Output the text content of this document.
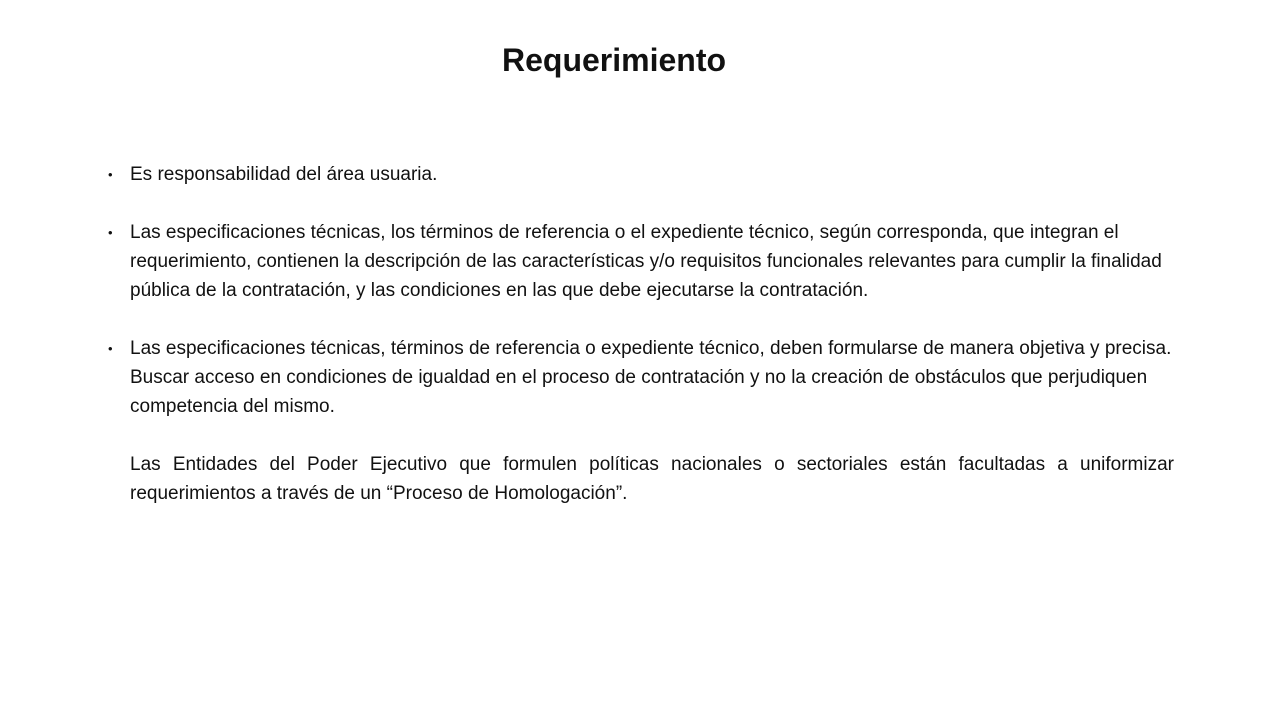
Requerimiento
• Es responsabilidad del área usuaria.
• Las especificaciones técnicas, los términos de referencia o el expediente técnico, según corresponda, que integran el requerimiento, contienen la descripción de las características y/o requisitos funcionales relevantes para cumplir la finalidad pública de la contratación, y las condiciones en las que debe ejecutarse la contratación.
• Las especificaciones técnicas, términos de referencia o expediente técnico, deben formularse de manera objetiva y precisa. Buscar acceso en condiciones de igualdad en el proceso de contratación y no la creación de obstáculos que perjudiquen competencia del mismo.
Las Entidades del Poder Ejecutivo que formulen políticas nacionales o sectoriales están facultadas a uniformizar requerimientos a través de un “Proceso de Homologación”.
